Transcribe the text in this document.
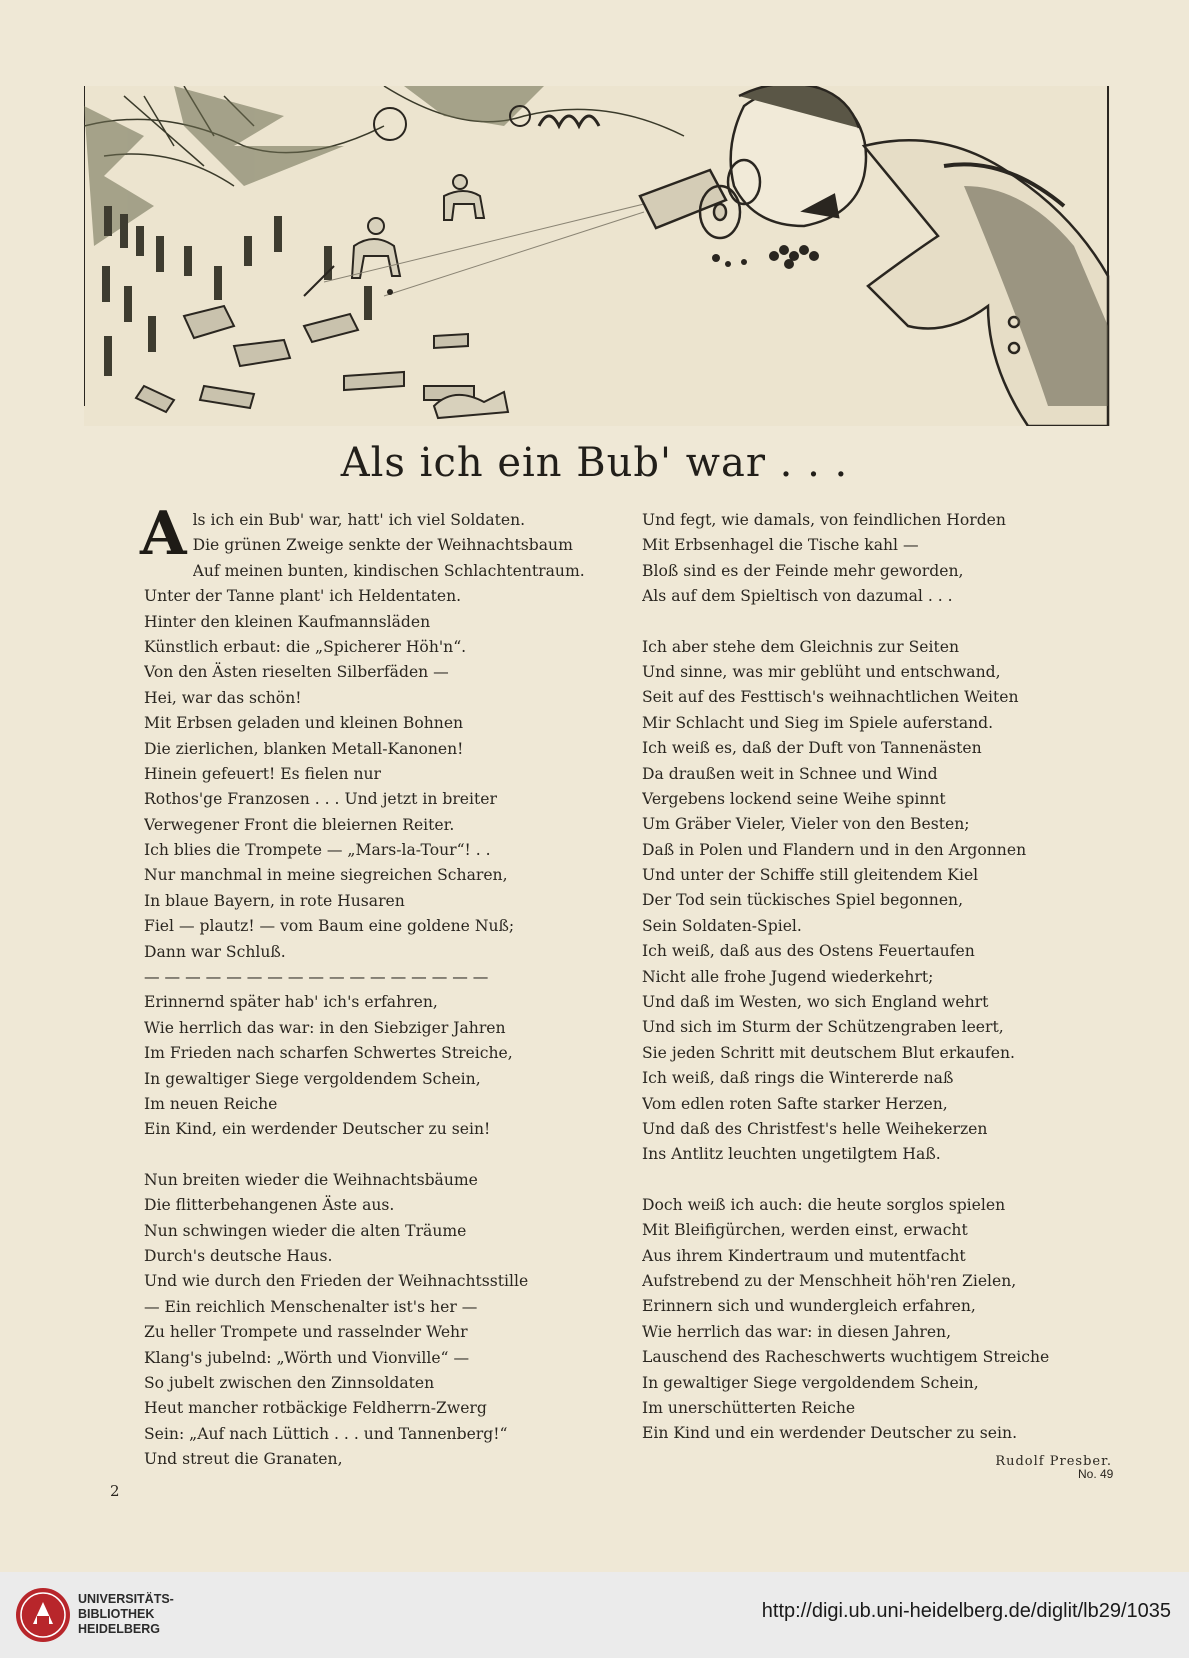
Als ich ein Bub' war . . .
A ls ich ein Bub' war, hatt' ich viel Soldaten.
Die grünen Zweige senkte der Weihnachtsbaum
Auf meinen bunten, kindischen Schlachtentraum.
Unter der Tanne plant' ich Heldentaten.
Hinter den kleinen Kaufmannsläden
Künstlich erbaut: die „Spicherer Höh'n“.
Von den Ästen rieselten Silberfäden —
Hei, war das schön!
Mit Erbsen geladen und kleinen Bohnen
Die zierlichen, blanken Metall-Kanonen!
Hinein gefeuert! Es fielen nur
Rothos'ge Franzosen . . . Und jetzt in breiter
Verwegener Front die bleiernen Reiter.
Ich blies die Trompete — „Mars-la-Tour“! . .
Nur manchmal in meine siegreichen Scharen,
In blaue Bayern, in rote Husaren
Fiel — plautz! — vom Baum eine goldene Nuß;
Dann war Schluß.
— — — — — — — — — — — — — — — — —
Erinnernd später hab' ich's erfahren,
Wie herrlich das war: in den Siebziger Jahren
Im Frieden nach scharfen Schwertes Streiche,
In gewaltiger Siege vergoldendem Schein,
Im neuen Reiche
Ein Kind, ein werdender Deutscher zu sein!
Nun breiten wieder die Weihnachtsbäume
Die flitterbehangenen Äste aus.
Nun schwingen wieder die alten Träume
Durch's deutsche Haus.
Und wie durch den Frieden der Weihnachtsstille
— Ein reichlich Menschenalter ist's her —
Zu heller Trompete und rasselnder Wehr
Klang's jubelnd: „Wörth und Vionville“ —
So jubelt zwischen den Zinnsoldaten
Heut mancher rotbäckige Feldherrn-Zwerg
Sein: „Auf nach Lüttich . . . und Tannenberg!“
Und streut die Granaten,
Und fegt, wie damals, von feindlichen Horden
Mit Erbsenhagel die Tische kahl —
Bloß sind es der Feinde mehr geworden,
Als auf dem Spieltisch von dazumal . . .
Ich aber stehe dem Gleichnis zur Seiten
Und sinne, was mir geblüht und entschwand,
Seit auf des Festtisch's weihnachtlichen Weiten
Mir Schlacht und Sieg im Spiele auferstand.
Ich weiß es, daß der Duft von Tannenästen
Da draußen weit in Schnee und Wind
Vergebens lockend seine Weihe spinnt
Um Gräber Vieler, Vieler von den Besten;
Daß in Polen und Flandern und in den Argonnen
Und unter der Schiffe still gleitendem Kiel
Der Tod sein tückisches Spiel begonnen,
Sein Soldaten-Spiel.
Ich weiß, daß aus des Ostens Feuertaufen
Nicht alle frohe Jugend wiederkehrt;
Und daß im Westen, wo sich England wehrt
Und sich im Sturm der Schützengraben leert,
Sie jeden Schritt mit deutschem Blut erkaufen.
Ich weiß, daß rings die Wintererde naß
Vom edlen roten Safte starker Herzen,
Und daß des Christfest's helle Weihekerzen
Ins Antlitz leuchten ungetilgtem Haß.
Doch weiß ich auch: die heute sorglos spielen
Mit Bleifigürchen, werden einst, erwacht
Aus ihrem Kindertraum und mutentfacht
Aufstrebend zu der Menschheit höh'ren Zielen,
Erinnern sich und wundergleich erfahren,
Wie herrlich das war: in diesen Jahren,
Lauschend des Racheschwerts wuchtigem Streiche
In gewaltiger Siege vergoldendem Schein,
Im unerschütterten Reiche
Ein Kind und ein werdender Deutscher zu sein.
Rudolf Presber.
2
No. 49
UNIVERSITÄTS-
BIBLIOTHEK
HEIDELBERG
http://digi.ub.uni-heidelberg.de/diglit/lb29/1035
